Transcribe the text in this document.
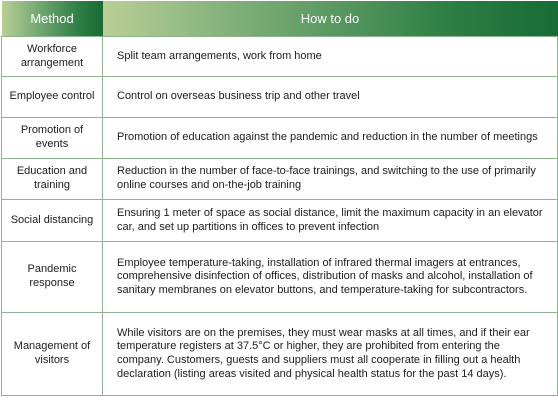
Method	How to do
Workforce arrangement	Split team arrangements, work from home
Employee control	Control on overseas business trip and other travel
Promotion of events	Promotion of education against the pandemic and reduction in the number of meetings
Education and training	Reduction in the number of face-to-face trainings, and switching to the use of primarily online courses and on-the-job training
Social distancing	Ensuring 1 meter of space as social distance, limit the maximum capacity in an elevator car, and set up partitions in offices to prevent infection
Pandemic response	Employee temperature-taking, installation of infrared thermal imagers at entrances, comprehensive disinfection of offices, distribution of masks and alcohol, installation of sanitary membranes on elevator buttons, and temperature-taking for subcontractors.
Management of visitors	While visitors are on the premises, they must wear masks at all times, and if their ear temperature registers at 37.5°C or higher, they are prohibited from entering the company. Customers, guests and suppliers must all cooperate in filling out a health declaration (listing areas visited and physical health status for the past 14 days).
